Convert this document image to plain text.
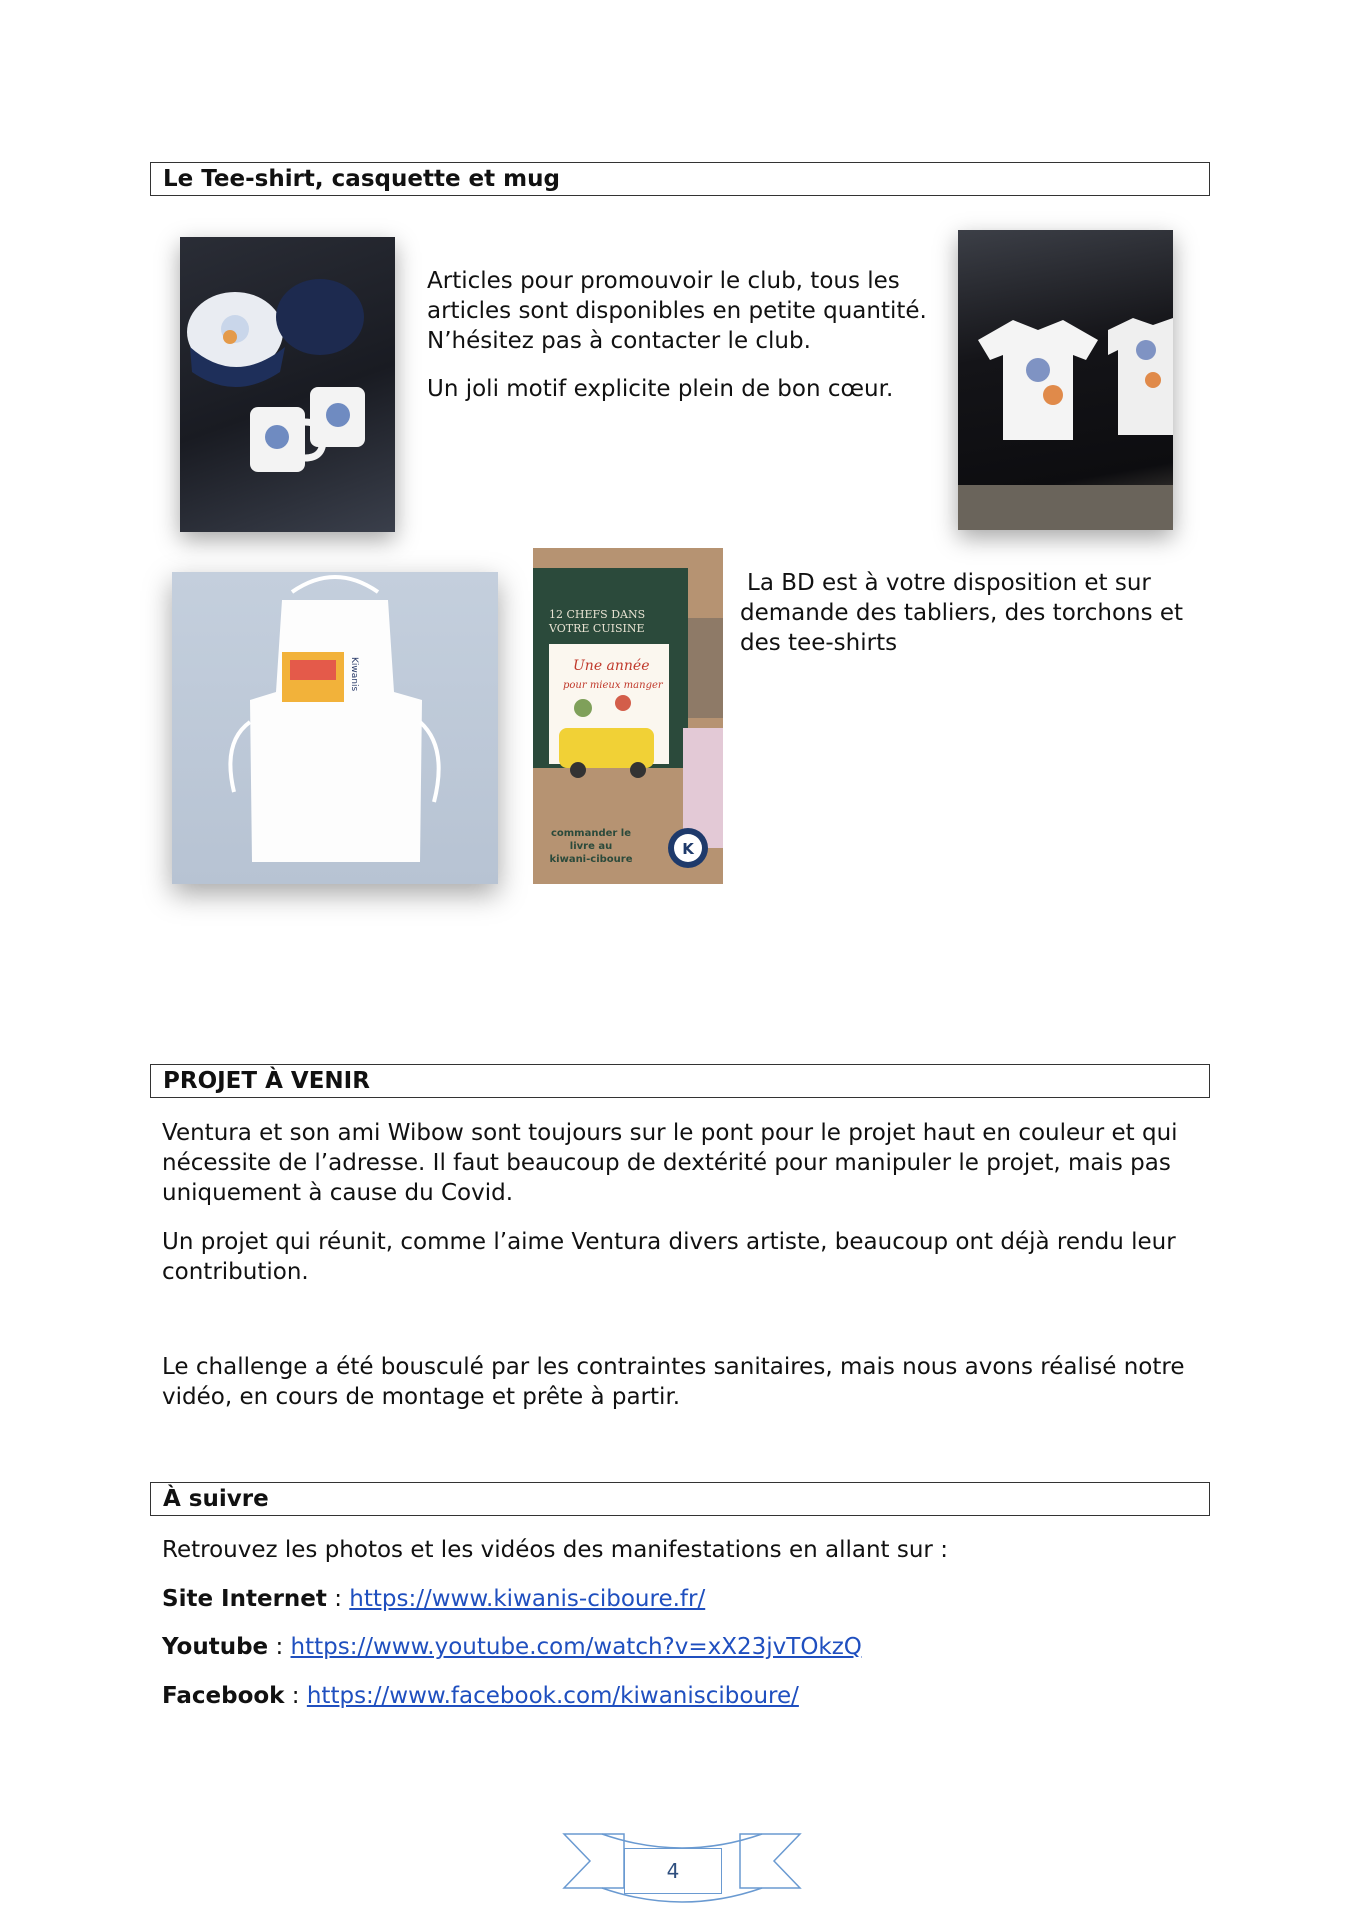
Le Tee-shirt, casquette et mug
Articles pour promouvoir le club, tous les
articles sont disponibles en petite quantité.
N’hésitez pas à contacter le club.
Un joli motif explicite plein de bon cœur.
Kiwanis
12 CHEFS DANS
VOTRE CUISINE
Une année
pour mieux manger
commander le
livre au
kiwani-ciboure
K
La BD est à votre disposition et sur
demande des tabliers, des torchons et
des tee-shirts
PROJET À VENIR
Ventura et son ami Wibow sont toujours sur le pont pour le projet haut en couleur et qui
nécessite de l’adresse. Il faut beaucoup de dextérité pour manipuler le projet, mais pas
uniquement à cause du Covid.
Un projet qui réunit, comme l’aime Ventura divers artiste, beaucoup ont déjà rendu leur
contribution.
Le challenge a été bousculé par les contraintes sanitaires, mais nous avons réalisé notre
vidéo, en cours de montage et prête à partir.
À suivre
Retrouvez les photos et les vidéos des manifestations en allant sur :
Site Internet : https://www.kiwanis-ciboure.fr/
Youtube : https://www.youtube.com/watch?v=xX23jvTOkzQ
Facebook : https://www.facebook.com/kiwanisciboure/
4
